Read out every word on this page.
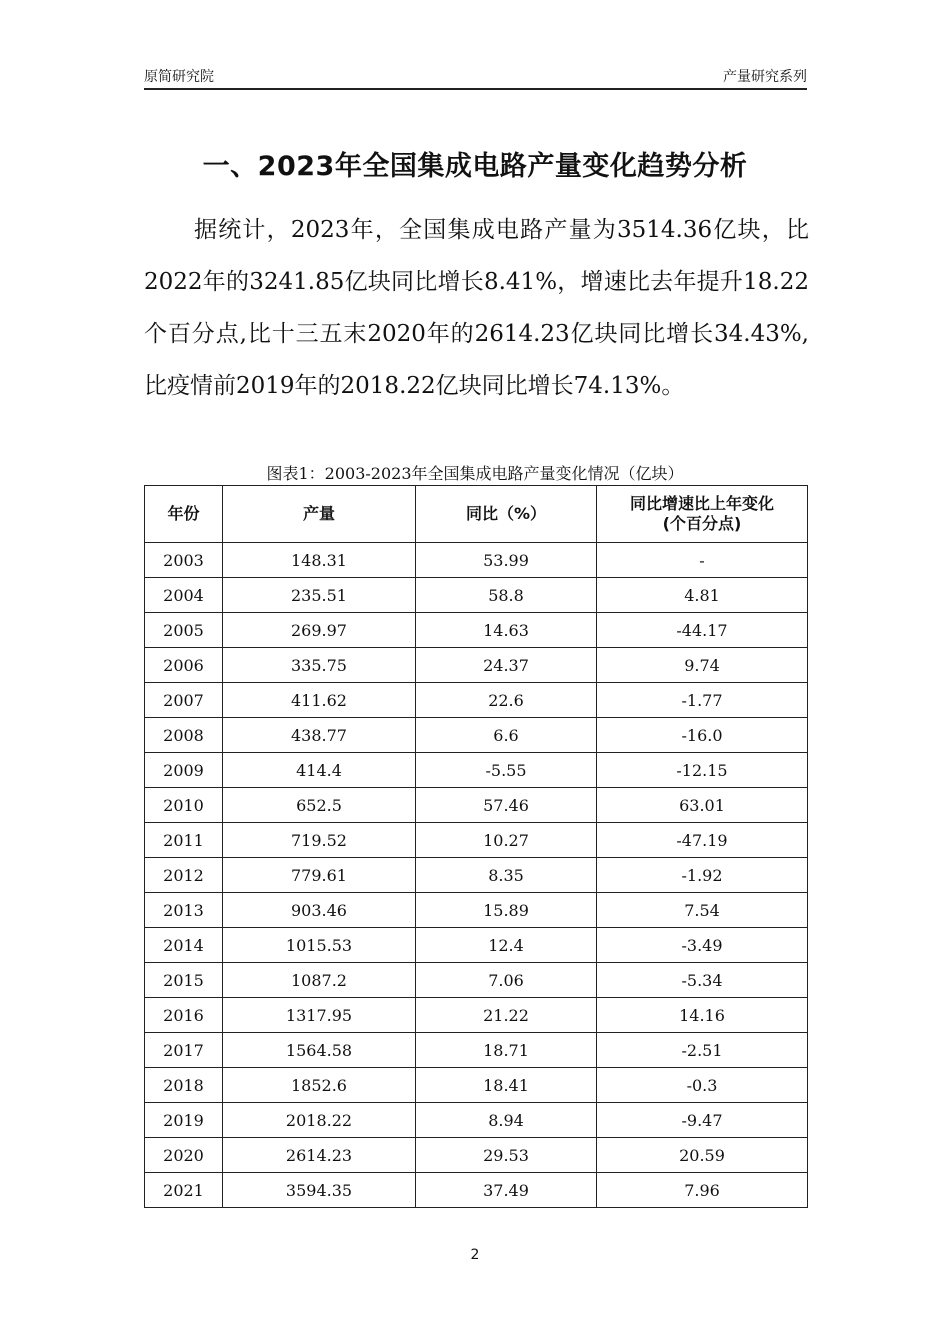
原简研究院	产量研究系列
一、2023年全国集成电路产量变化趋势分析

据统计，2023年，全国集成电路产量为3514.36亿块，比2022年的3241.85亿块同比增长8.41%，增速比去年提升18.22个百分点,比十三五末2020年的2614.23亿块同比增长34.43%,比疫情前2019年的2018.22亿块同比增长74.13%。

图表1：2003-2023年全国集成电路产量变化情况（亿块）
年份	产量	同比（%）	同比增速比上年变化
(个百分点)
2003	148.31	53.99	-
2004	235.51	58.8	4.81
2005	269.97	14.63	-44.17
2006	335.75	24.37	9.74
2007	411.62	22.6	-1.77
2008	438.77	6.6	-16.0
2009	414.4	-5.55	-12.15
2010	652.5	57.46	63.01
2011	719.52	10.27	-47.19
2012	779.61	8.35	-1.92
2013	903.46	15.89	7.54
2014	1015.53	12.4	-3.49
2015	1087.2	7.06	-5.34
2016	1317.95	21.22	14.16
2017	1564.58	18.71	-2.51
2018	1852.6	18.41	-0.3
2019	2018.22	8.94	-9.47
2020	2614.23	29.53	20.59
2021	3594.35	37.49	7.96
2
